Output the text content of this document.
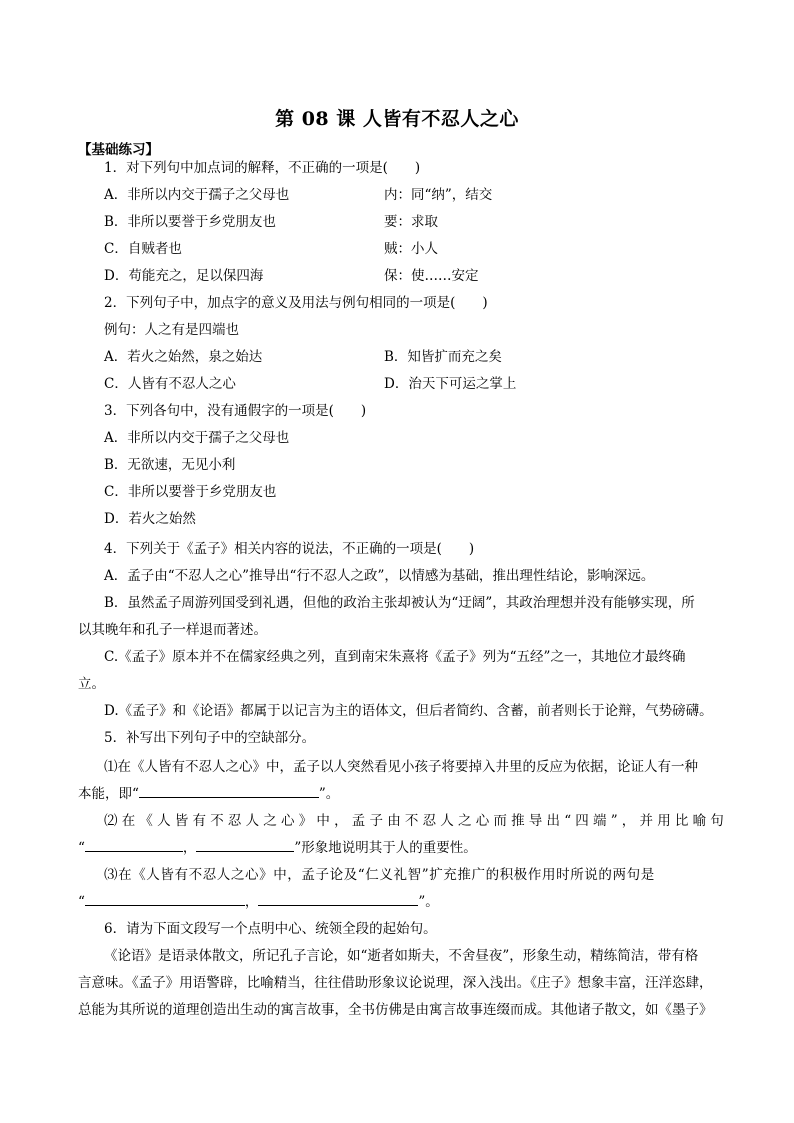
第 08 课 人皆有不忍人之心
【基础练习】
1．对下列句中加点词的解释，不正确的一项是(　　)
A．非所以内交于孺子之父母也	内：同“纳”，结交
B．非所以要誉于乡党朋友也	要：求取
C．自贼者也	贼：小人
D．苟能充之，足以保四海	保：使……安定
2．下列句子中，加点字的意义及用法与例句相同的一项是(　　)
例句：人之有是四端也
A．若火之始然，泉之始达	B．知皆扩而充之矣
C．人皆有不忍人之心	D．治天下可运之掌上
3．下列各句中，没有通假字的一项是(　　)
A．非所以内交于孺子之父母也
B．无欲速，无见小利
C．非所以要誉于乡党朋友也
D．若火之始然
4．下列关于《孟子》相关内容的说法，不正确的一项是(　　)
A．孟子由“不忍人之心”推导出“行不忍人之政”，以情感为基础，推出理性结论，影响深远。
B．虽然孟子周游列国受到礼遇，但他的政治主张却被认为“迂阔”，其政治理想并没有能够实现，所
以其晚年和孔子一样退而著述。
C.《孟子》原本并不在儒家经典之列，直到南宋朱熹将《孟子》列为“五经”之一，其地位才最终确
立。
D.《孟子》和《论语》都属于以记言为主的语体文，但后者简约、含蓄，前者则长于论辩，气势磅礴。
5．补写出下列句子中的空缺部分。
⑴在《人皆有不忍人之心》中，孟子以人突然看见小孩子将要掉入井里的反应为依据，论证人有一种
本能，即“	”。
⑵在《人皆有不忍人之心》中，孟子由不忍人之心而推导出“四端”，并用比喻句
“	，	”形象地说明其于人的重要性。
⑶在《人皆有不忍人之心》中，孟子论及“仁义礼智”扩充推广的积极作用时所说的两句是
“	，	”。
6．请为下面文段写一个点明中心、统领全段的起始句。
《论语》是语录体散文，所记孔子言论，如“逝者如斯夫，不舍昼夜”，形象生动，精练简洁，带有格
言意味。《孟子》用语警辟，比喻精当，往往借助形象议论说理，深入浅出。《庄子》想象丰富，汪洋恣肆，
总能为其所说的道理创造出生动的寓言故事，全书仿佛是由寓言故事连缀而成。其他诸子散文，如《墨子》
